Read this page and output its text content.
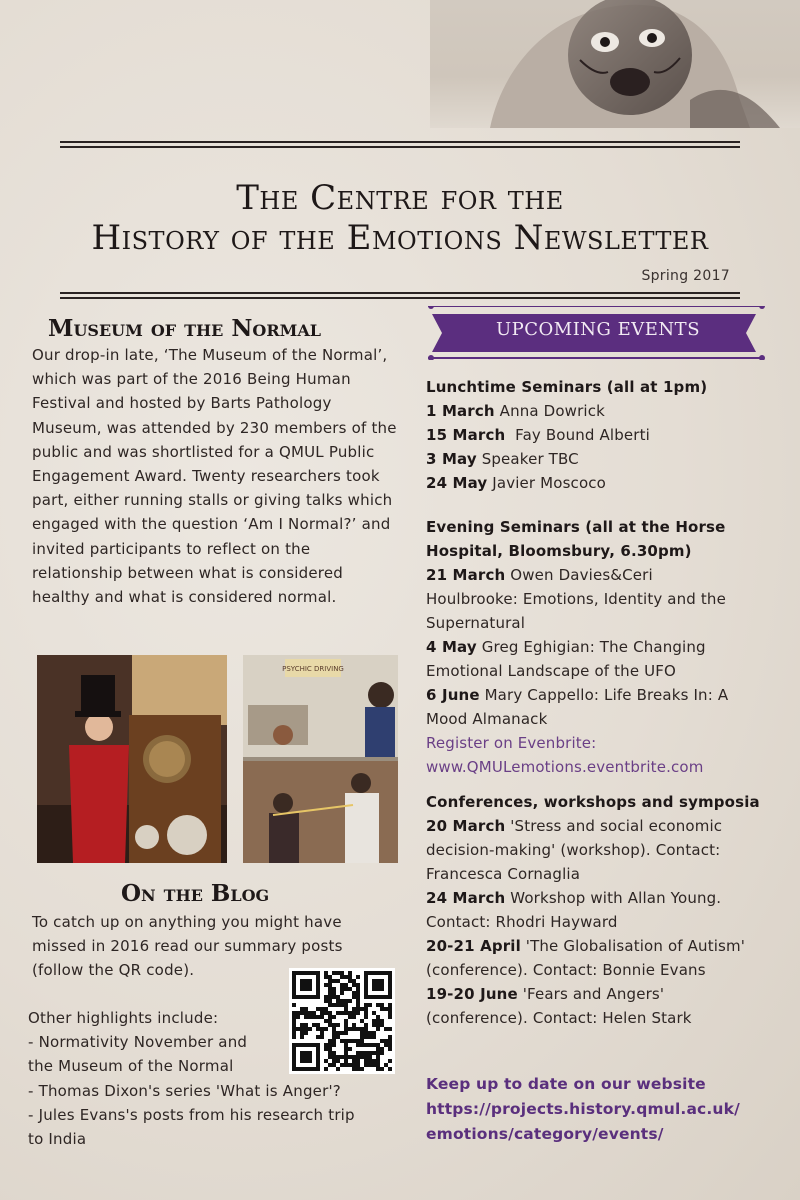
The Centre for the
History of the Emotions Newsletter
Spring 2017
Museum of the Normal

Our drop-in late, ‘The Museum of the Normal’, which was part of the 2016 Being Human Festival and hosted by Barts Pathology Museum, was attended by 230 members of the public and was shortlisted for a QMUL Public Engagement Award. Twenty researchers took part, either running stalls or giving talks which engaged with the question ‘Am I Normal?’ and invited participants to reflect on the relationship between what is considered healthy and what is considered normal.

PSYCHIC DRIVING
On the Blog
To catch up on anything you might have
missed in 2016 read our summary posts
(follow the QR code).
Other highlights include:
- Normativity November and
the Museum of the Normal
- Thomas Dixon's series 'What is Anger'?
- Jules Evans's posts from his research trip
to India
UPCOMING EVENTS
Lunchtime Seminars (all at 1pm)
1 March Anna Dowrick
15 March  Fay Bound Alberti
3 May Speaker TBC
24 May Javier Moscoco
Evening Seminars (all at the Horse
Hospital, Bloomsbury, 6.30pm)
21 March Owen Davies&Ceri
Houlbrooke: Emotions, Identity and the
Supernatural
4 May Greg Eghigian: The Changing
Emotional Landscape of the UFO
6 June Mary Cappello: Life Breaks In: A
Mood Almanack
Register on Evenbrite:
www.QMULemotions.eventbrite.com
Conferences, workshops and symposia
20 March 'Stress and social economic
decision-making' (workshop). Contact:
Francesca Cornaglia
24 March Workshop with Allan Young.
Contact: Rhodri Hayward
20-21 April 'The Globalisation of Autism'
(conference). Contact: Bonnie Evans
19-20 June 'Fears and Angers'
(conference). Contact: Helen Stark
Keep up to date on our website
https://projects.history.qmul.ac.uk/
emotions/category/events/
